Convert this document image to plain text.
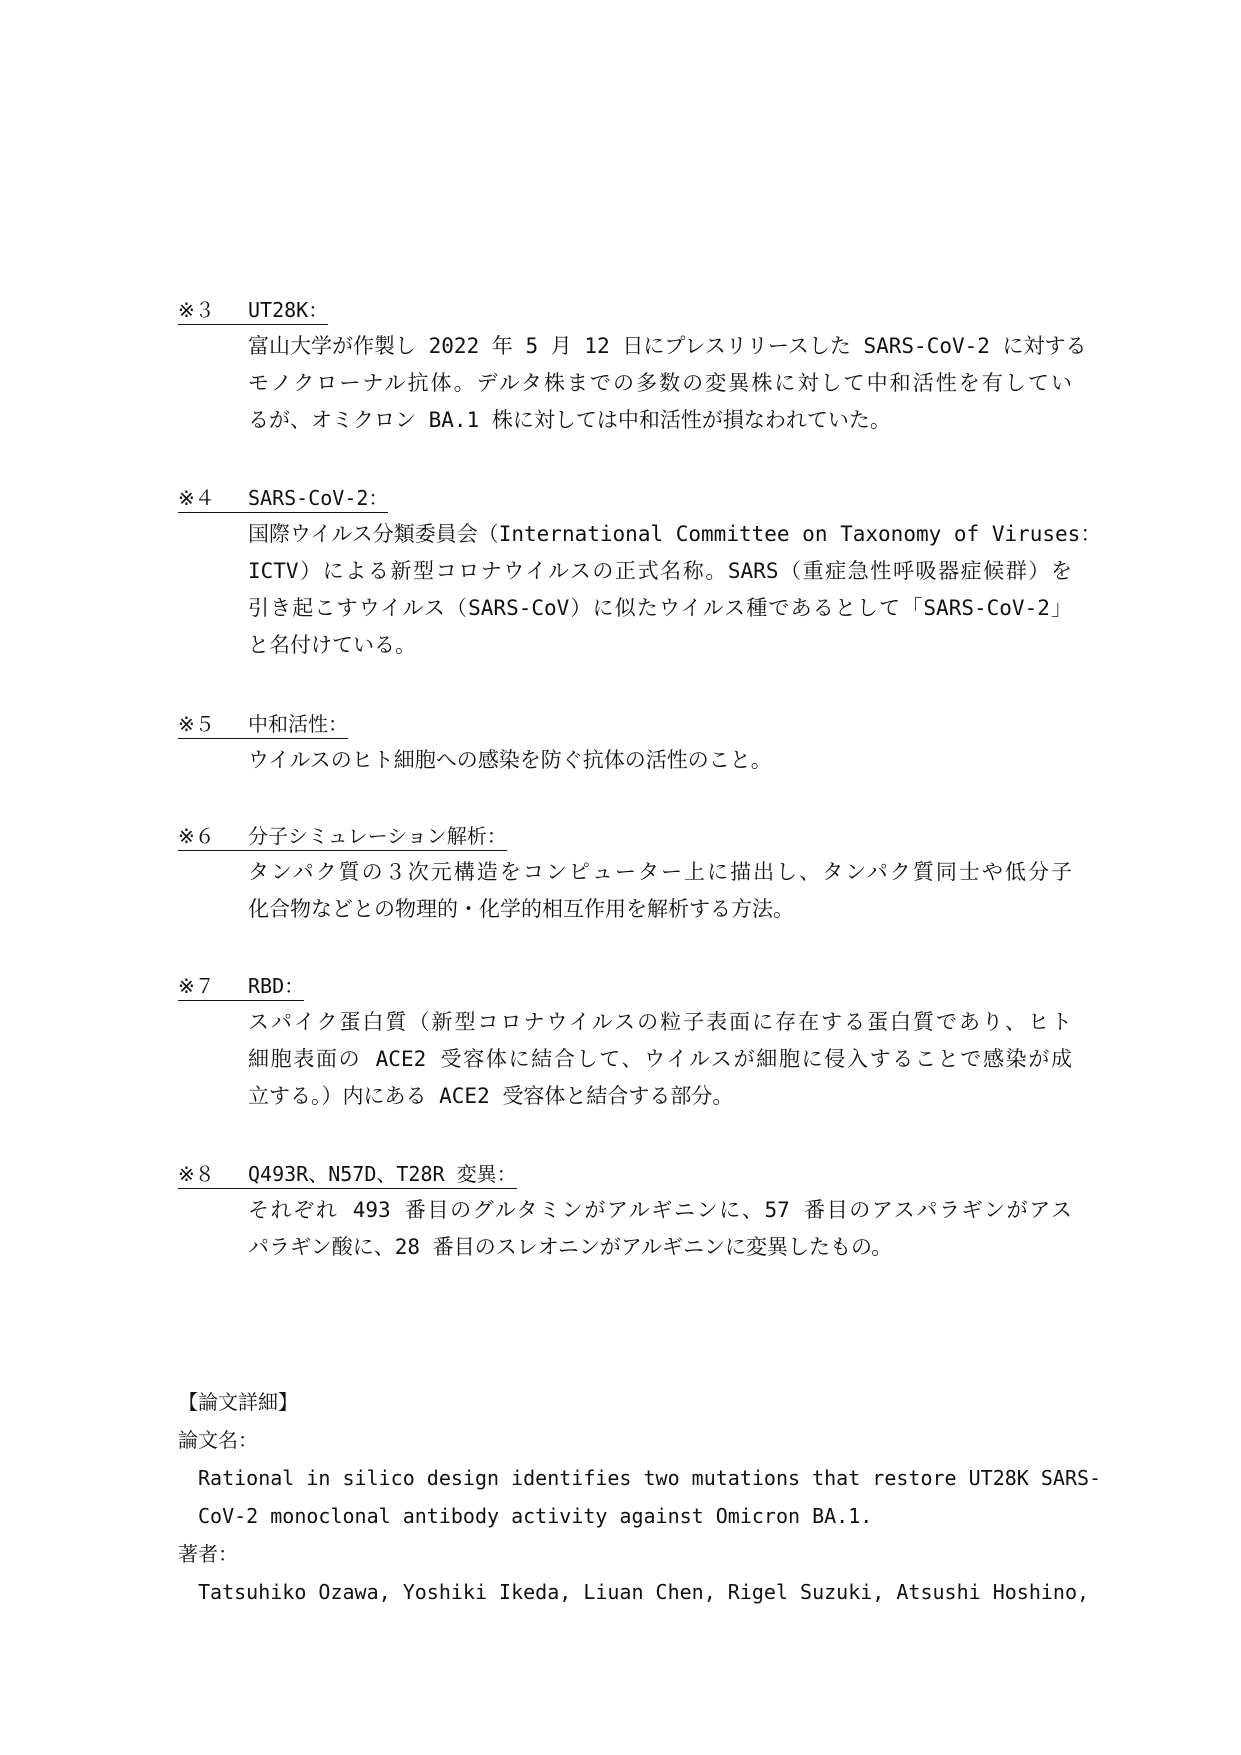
※３ UT28K：
富山大学が作製し 2022 年 5 月 12 日にプレスリリースした SARS-CoV-2 に対する
モノクローナル抗体。デルタ株までの多数の変異株に対して中和活性を有してい
るが、オミクロン BA.1 株に対しては中和活性が損なわれていた。
※４ SARS-CoV-2：
国際ウイルス分類委員会（International Committee on Taxonomy of Viruses：
ICTV）による新型コロナウイルスの正式名称。SARS（重症急性呼吸器症候群）を
引き起こすウイルス（SARS-CoV）に似たウイルス種であるとして「SARS-CoV-2」
と名付けている。
※５ 中和活性：
ウイルスのヒト細胞への感染を防ぐ抗体の活性のこと。
※６ 分子シミュレーション解析：
タンパク質の３次元構造をコンピューター上に描出し、タンパク質同士や低分子
化合物などとの物理的・化学的相互作用を解析する方法。
※７ RBD：
スパイク蛋白質（新型コロナウイルスの粒子表面に存在する蛋白質であり、ヒト
細胞表面の ACE2 受容体に結合して、ウイルスが細胞に侵入することで感染が成
立する。）内にある ACE2 受容体と結合する部分。
※８ Q493R、N57D、T28R 変異：
それぞれ 493 番目のグルタミンがアルギニンに、57 番目のアスパラギンがアス
パラギン酸に、28 番目のスレオニンがアルギニンに変異したもの。
【論文詳細】
論文名：
Rational in silico design identifies two mutations that restore UT28K SARS-
CoV-2 monoclonal antibody activity against Omicron BA.1.
著者：
Tatsuhiko Ozawa, Yoshiki Ikeda, Liuan Chen, Rigel Suzuki, Atsushi Hoshino,
